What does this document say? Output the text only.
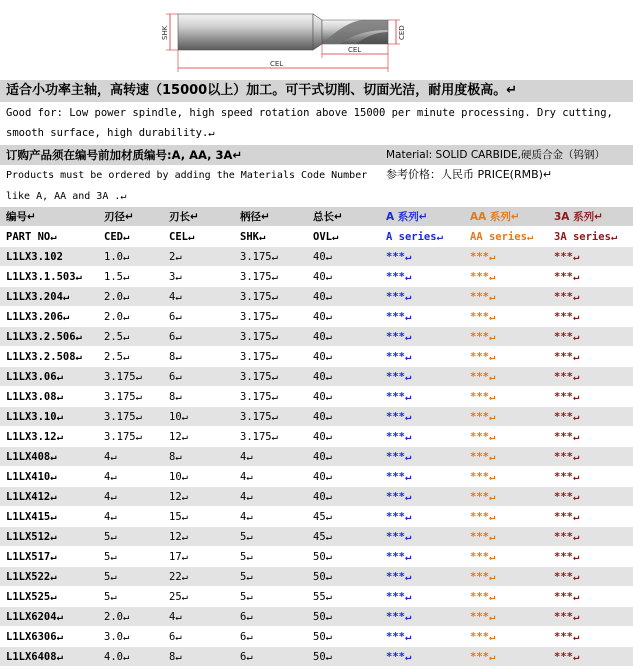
SHK	CED
CEL
CEL
适合小功率主轴，高转速（15000以上）加工。可干式切削、切面光洁，耐用度极高。↵
Good for: Low power spindle, high speed rotation above 15000 per minute processing. Dry cutting, smooth surface, high durability.↵
订购产品须在编号前加材质编号:A, AA, 3A↵	Material: SOLID CARBIDE,硬质合金（钨钢）
Products must be ordered by adding the Materials Code Number like A, AA and 3A .↵
参考价格：人民币 PRICE(RMB)↵
编号↵	刃径↵	刃长↵	柄径↵	总长↵	A 系列↵	AA 系列↵	3A 系列↵
PART NO↵	CED↵	CEL↵	SHK↵	OVL↵	A series↵	AA series↵	3A series↵
L1LX3.102	1.0↵	2↵	3.175↵	40↵	***↵	***↵	***↵
L1LX3.1.503↵	1.5↵	3↵	3.175↵	40↵	***↵	***↵	***↵
L1LX3.204↵	2.0↵	4↵	3.175↵	40↵	***↵	***↵	***↵
L1LX3.206↵	2.0↵	6↵	3.175↵	40↵	***↵	***↵	***↵
L1LX3.2.506↵	2.5↵	6↵	3.175↵	40↵	***↵	***↵	***↵
L1LX3.2.508↵	2.5↵	8↵	3.175↵	40↵	***↵	***↵	***↵
L1LX3.06↵	3.175↵	6↵	3.175↵	40↵	***↵	***↵	***↵
L1LX3.08↵	3.175↵	8↵	3.175↵	40↵	***↵	***↵	***↵
L1LX3.10↵	3.175↵	10↵	3.175↵	40↵	***↵	***↵	***↵
L1LX3.12↵	3.175↵	12↵	3.175↵	40↵	***↵	***↵	***↵
L1LX408↵	4↵	8↵	4↵	40↵	***↵	***↵	***↵
L1LX410↵	4↵	10↵	4↵	40↵	***↵	***↵	***↵
L1LX412↵	4↵	12↵	4↵	40↵	***↵	***↵	***↵
L1LX415↵	4↵	15↵	4↵	45↵	***↵	***↵	***↵
L1LX512↵	5↵	12↵	5↵	45↵	***↵	***↵	***↵
L1LX517↵	5↵	17↵	5↵	50↵	***↵	***↵	***↵
L1LX522↵	5↵	22↵	5↵	50↵	***↵	***↵	***↵
L1LX525↵	5↵	25↵	5↵	55↵	***↵	***↵	***↵
L1LX6204↵	2.0↵	4↵	6↵	50↵	***↵	***↵	***↵
L1LX6306↵	3.0↵	6↵	6↵	50↵	***↵	***↵	***↵
L1LX6408↵	4.0↵	8↵	6↵	50↵	***↵	***↵	***↵
